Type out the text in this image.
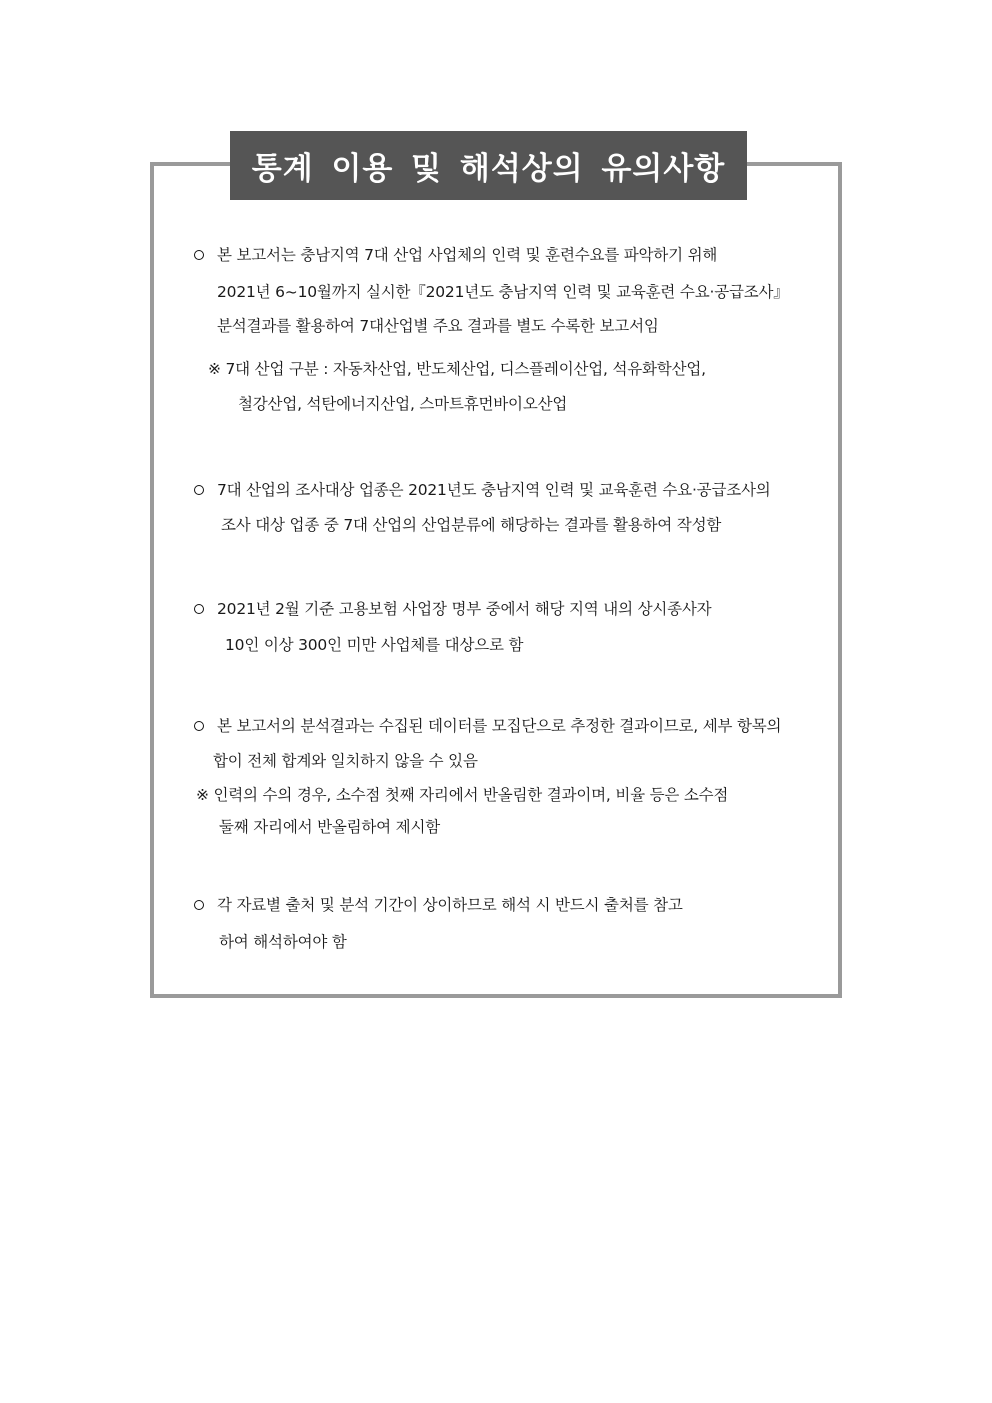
통계 이용 및 해석상의 유의사항
본 보고서는 충남지역 7대 산업 사업체의 인력 및 훈련수요를 파악하기 위해
2021년 6~10월까지 실시한『2021년도 충남지역 인력 및 교육훈련 수요·공급조사』
분석결과를 활용하여 7대산업별 주요 결과를 별도 수록한 보고서임
※ 7대 산업 구분 : 자동차산업, 반도체산업, 디스플레이산업, 석유화학산업,
철강산업, 석탄에너지산업, 스마트휴먼바이오산업
7대 산업의 조사대상 업종은 2021년도 충남지역 인력 및 교육훈련 수요·공급조사의
조사 대상 업종 중 7대 산업의 산업분류에 해당하는 결과를 활용하여 작성함
2021년 2월 기준 고용보험 사업장 명부 중에서 해당 지역 내의 상시종사자
10인 이상 300인 미만 사업체를 대상으로 함
본 보고서의 분석결과는 수집된 데이터를 모집단으로 추정한 결과이므로, 세부 항목의
합이 전체 합계와 일치하지 않을 수 있음
※ 인력의 수의 경우, 소수점 첫째 자리에서 반올림한 결과이며, 비율 등은 소수점
둘째 자리에서 반올림하여 제시함
각 자료별 출처 및 분석 기간이 상이하므로 해석 시 반드시 출처를 참고
하여 해석하여야 함
